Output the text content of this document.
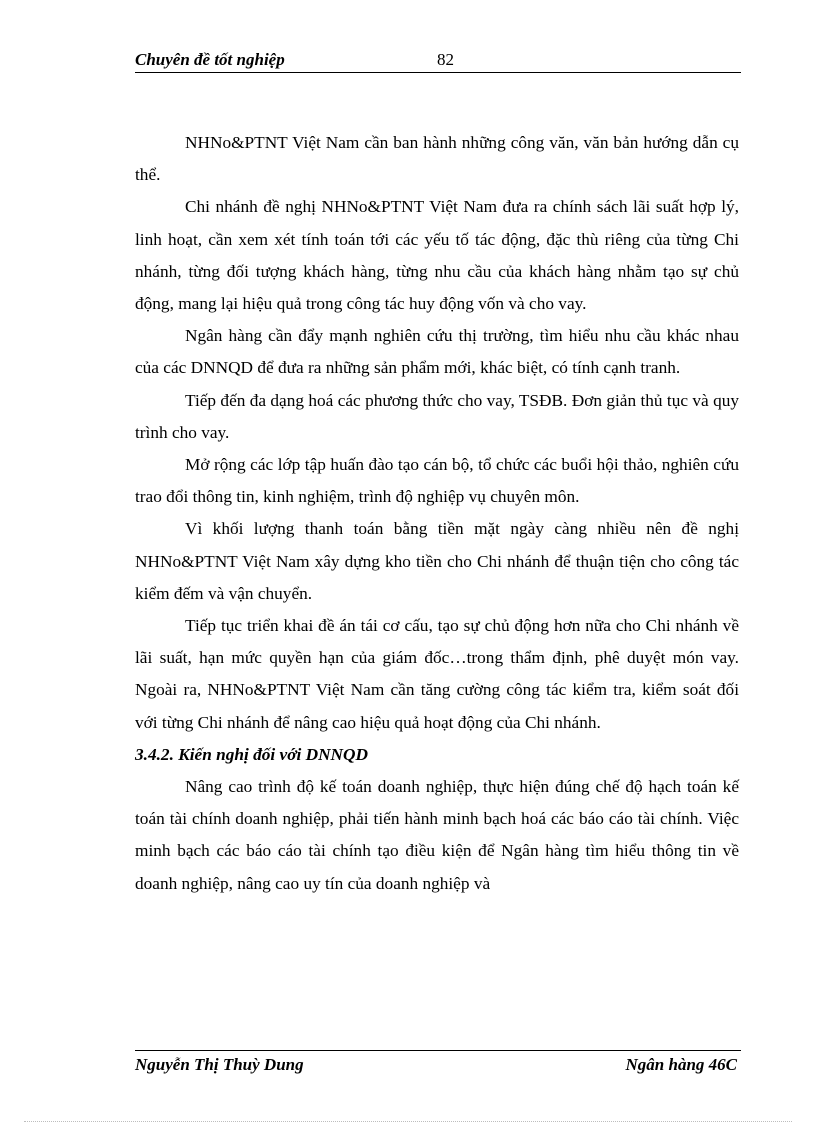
Chuyên đề tốt nghiệp	82

NHNo&PTNT Việt Nam cần ban hành những công văn, văn bản hướng dẫn cụ thể.

Chi nhánh đề nghị NHNo&PTNT Việt Nam đưa ra chính sách lãi suất hợp lý, linh hoạt, cần xem xét tính toán tới các yếu tố tác động, đặc thù riêng của từng Chi nhánh, từng đối tượng khách hàng, từng nhu cầu của khách hàng nhằm tạo sự chủ động, mang lại hiệu quả trong công tác huy động vốn và cho vay.

Ngân hàng cần đẩy mạnh nghiên cứu thị trường, tìm hiểu nhu cầu khác nhau của các DNNQD để đưa ra những sản phẩm mới, khác biệt, có tính cạnh tranh.

Tiếp đến đa dạng hoá các phương thức cho vay, TSĐB. Đơn giản thủ tục và quy trình cho vay.

Mở rộng các lớp tập huấn đào tạo cán bộ, tổ chức các buổi hội thảo, nghiên cứu trao đổi thông tin, kinh nghiệm, trình độ nghiệp vụ chuyên môn.

Vì khối lượng thanh toán bằng tiền mặt ngày càng nhiều nên đề nghị NHNo&PTNT Việt Nam xây dựng kho tiền cho Chi nhánh để thuận tiện cho công tác kiểm đếm và vận chuyển.

Tiếp tục triển khai đề án tái cơ cấu, tạo sự chủ động hơn nữa cho Chi nhánh về lãi suất, hạn mức quyền hạn của giám đốc…trong thẩm định, phê duyệt món vay. Ngoài ra, NHNo&PTNT Việt Nam cần tăng cường công tác kiểm tra, kiểm soát đối với từng Chi nhánh để nâng cao hiệu quả hoạt động của Chi nhánh.

3.4.2. Kiến nghị đối với DNNQD

Nâng cao trình độ kế toán doanh nghiệp, thực hiện đúng chế độ hạch toán kế toán tài chính doanh nghiệp, phải tiến hành minh bạch hoá các báo cáo tài chính. Việc minh bạch các báo cáo tài chính tạo điều kiện để Ngân hàng tìm hiểu thông tin về doanh nghiệp, nâng cao uy tín của doanh nghiệp và

Nguyễn Thị Thuỳ Dung	Ngân hàng 46C
